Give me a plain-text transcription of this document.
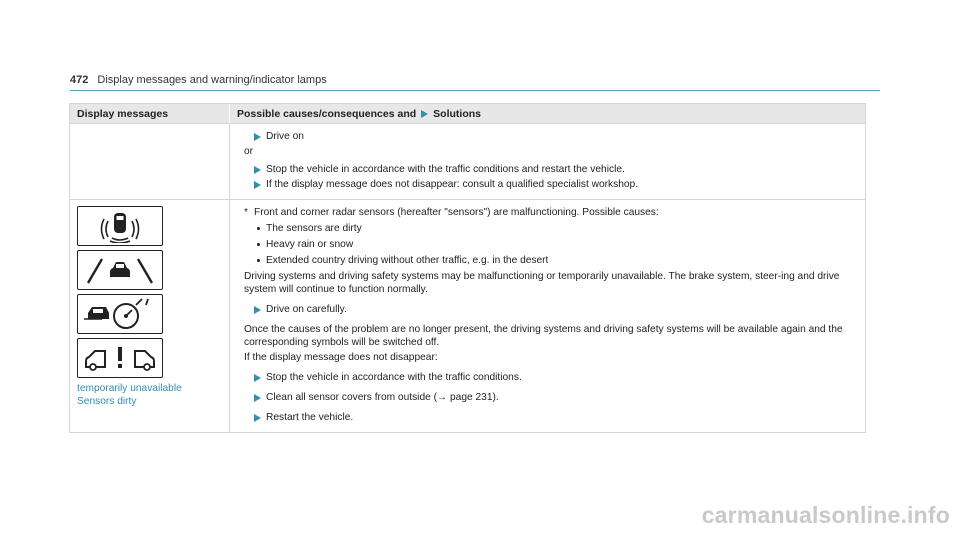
472 Display messages and warning/indicator lamps
Display messages	Possible causes/consequences and Solutions
Drive on
or
Stop the vehicle in accordance with the traffic conditions and restart the vehicle.
If the display message does not disappear: consult a qualified specialist workshop.
temporarily unavailable
Sensors dirty
* Front and corner radar sensors (hereafter "sensors") are malfunctioning. Possible causes:
The sensors are dirty
Heavy rain or snow
Extended country driving without other traffic, e.g. in the desert
Driving systems and driving safety systems may be malfunctioning or temporarily unavailable. The brake system, steer-ing and drive system will continue to function normally.
Drive on carefully.
Once the causes of the problem are no longer present, the driving systems and driving safety systems will be available again and the corresponding symbols will be switched off.
If the display message does not disappear:
Stop the vehicle in accordance with the traffic conditions.
Clean all sensor covers from outside (→ page 231).
Restart the vehicle.
carmanualsonline.info
